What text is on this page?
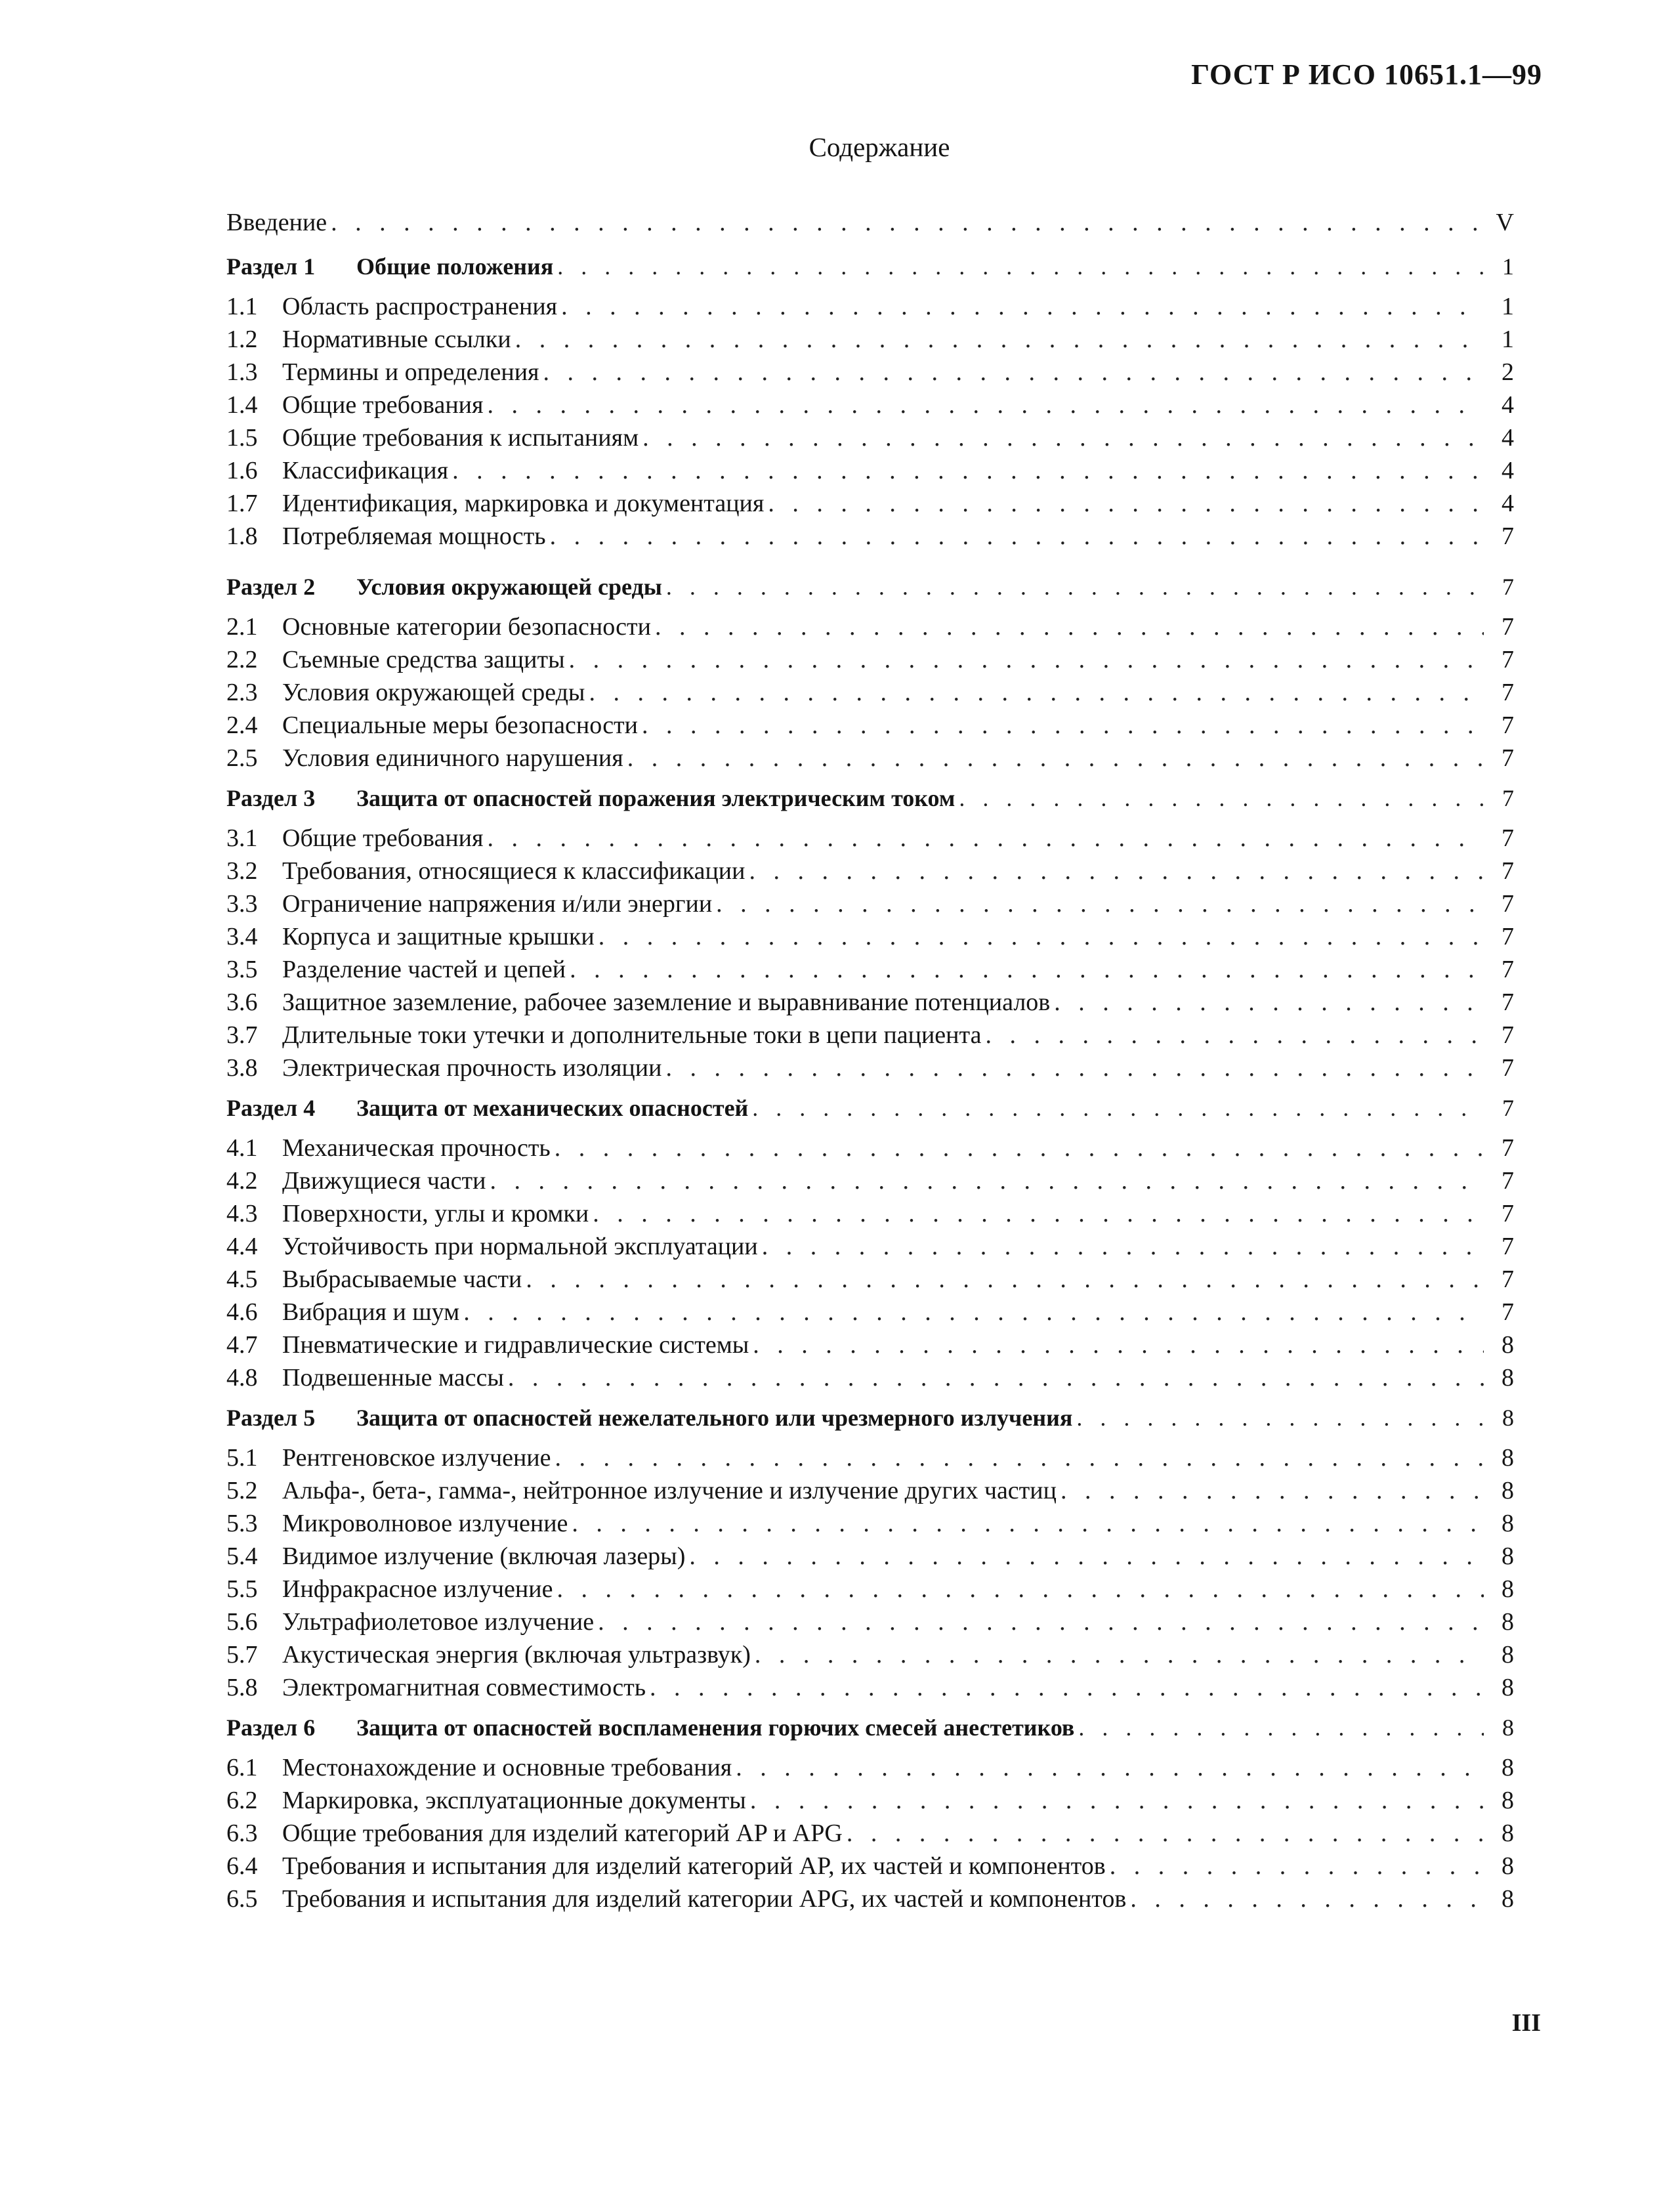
ГОСТ Р ИСО 10651.1—99
Содержание
Введение . . .	V
Раздел 1	Общие положения . . .	1
1.1 Область распространения . . .	1
1.2 Нормативные ссылки . . .	1
1.3 Термины и определения . . .	2
1.4 Общие требования . . .	4
1.5 Общие требования к испытаниям . . .	4
1.6 Классификация . . .	4
1.7 Идентификация, маркировка и документация . . .	4
1.8 Потребляемая мощность . . .	7
Раздел 2	Условия окружающей среды . . .	7
2.1 Основные категории безопасности . . .	7
2.2 Съемные средства защиты . . .	7
2.3 Условия окружающей среды . . .	7
2.4 Специальные меры безопасности . . .	7
2.5 Условия единичного нарушения . . .	7
Раздел 3	Защита от опасностей поражения электрическим током . . .	7
3.1 Общие требования . . .	7
3.2 Требования, относящиеся к классификации . . .	7
3.3 Ограничение напряжения и/или энергии . . .	7
3.4 Корпуса и защитные крышки . . .	7
3.5 Разделение частей и цепей . . .	7
3.6 Защитное заземление, рабочее заземление и выравнивание потенциалов . . .	7
3.7 Длительные токи утечки и дополнительные токи в цепи пациента . . .	7
3.8 Электрическая прочность изоляции . . .	7
Раздел 4	Защита от механических опасностей . . .	7
4.1 Механическая прочность . . .	7
4.2 Движущиеся части . . .	7
4.3 Поверхности, углы и кромки . . .	7
4.4 Устойчивость при нормальной эксплуатации . . .	7
4.5 Выбрасываемые части . . .	7
4.6 Вибрация и шум . . .	7
4.7 Пневматические и гидравлические системы . . .	8
4.8 Подвешенные массы . . .	8
Раздел 5	Защита от опасностей нежелательного или чрезмерного излучения . . .	8
5.1 Рентгеновское излучение . . .	8
5.2 Альфа-, бета-, гамма-, нейтронное излучение и излучение других частиц . . .	8
5.3 Микроволновое излучение . . .	8
5.4 Видимое излучение (включая лазеры) . . .	8
5.5 Инфракрасное излучение . . .	8
5.6 Ультрафиолетовое излучение . . .	8
5.7 Акустическая энергия (включая ультразвук) . . .	8
5.8 Электромагнитная совместимость . . .	8
Раздел 6	Защита от опасностей воспламенения горючих смесей анестетиков . . .	8
6.1 Местонахождение и основные требования . . .	8
6.2 Маркировка, эксплуатационные документы . . .	8
6.3 Общие требования для изделий категорий AP и APG . . .	8
6.4 Требования и испытания для изделий категорий AP, их частей и компонентов . . .	8
6.5 Требования и испытания для изделий категории APG, их частей и компонентов . . .	8
III
